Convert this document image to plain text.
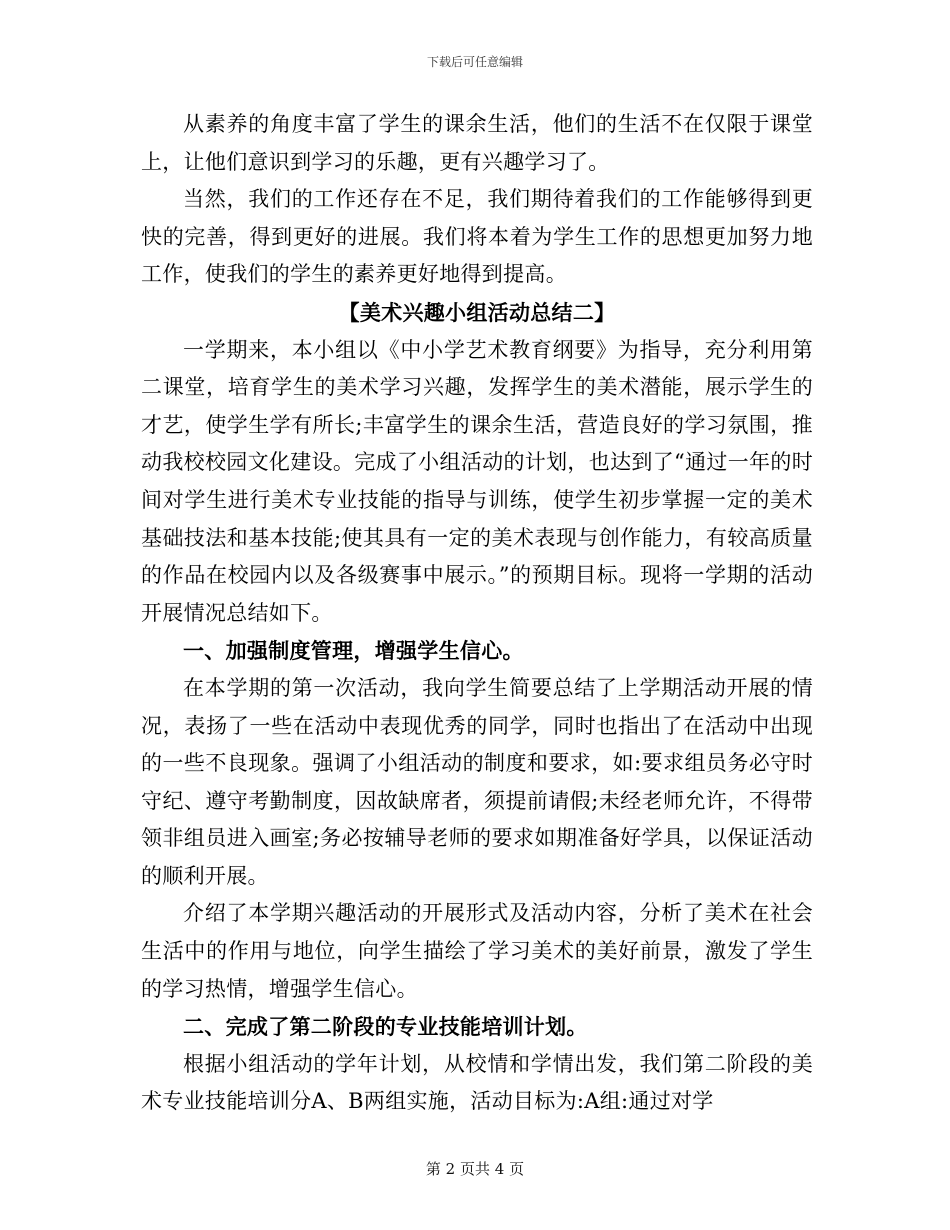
下载后可任意编辑

从素养的角度丰富了学生的课余生活，他们的生活不在仅限于课堂上，让他们意识到学习的乐趣，更有兴趣学习了。

当然，我们的工作还存在不足，我们期待着我们的工作能够得到更快的完善，得到更好的进展。我们将本着为学生工作的思想更加努力地工作，使我们的学生的素养更好地得到提高。

【美术兴趣小组活动总结二】

一学期来，本小组以《中小学艺术教育纲要》为指导，充分利用第二课堂，培育学生的美术学习兴趣，发挥学生的美术潜能，展示学生的才艺，使学生学有所长;丰富学生的课余生活，营造良好的学习氛围，推动我校校园文化建设。完成了小组活动的计划，也达到了“通过一年的时间对学生进行美术专业技能的指导与训练，使学生初步掌握一定的美术基础技法和基本技能;使其具有一定的美术表现与创作能力，有较高质量的作品在校园内以及各级赛事中展示。”的预期目标。现将一学期的活动开展情况总结如下。

一、加强制度管理，增强学生信心。

在本学期的第一次活动，我向学生简要总结了上学期活动开展的情况，表扬了一些在活动中表现优秀的同学，同时也指出了在活动中出现的一些不良现象。强调了小组活动的制度和要求，如:要求组员务必守时守纪、遵守考勤制度，因故缺席者，须提前请假;未经老师允许，不得带领非组员进入画室;务必按辅导老师的要求如期准备好学具，以保证活动的顺利开展。

介绍了本学期兴趣活动的开展形式及活动内容，分析了美术在社会生活中的作用与地位，向学生描绘了学习美术的美好前景，激发了学生的学习热情，增强学生信心。

二、完成了第二阶段的专业技能培训计划。

根据小组活动的学年计划，从校情和学情出发，我们第二阶段的美术专业技能培训分A、B两组实施，活动目标为:A组:通过对学

第 2 页共 4 页
